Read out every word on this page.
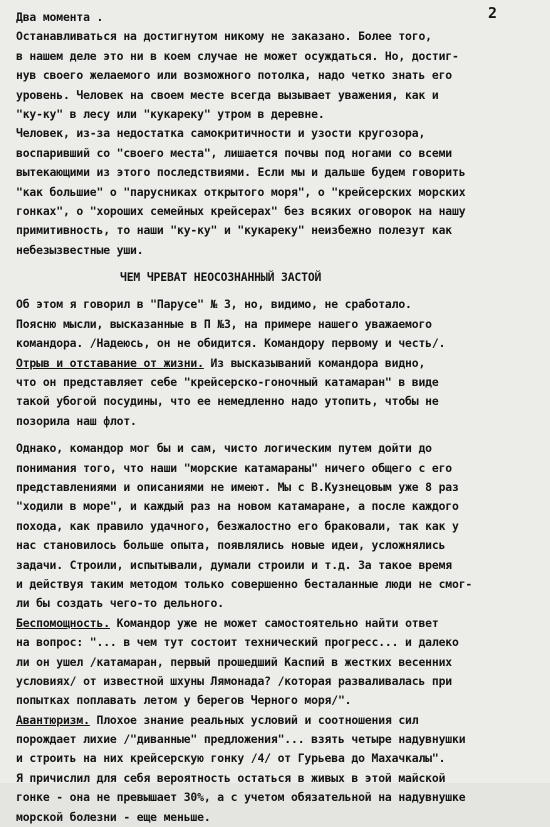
2
Два момента .
Останавливаться на достигнутом никому не заказано. Более того,
в нашем деле это ни в коем случае не может осуждаться. Но, достиг-
нув своего желаемого или возможного потолка, надо четко знать его
уровень. Человек на своем месте всегда вызывает уважения, как и
"ку-ку" в лесу или "кукареку" утром в деревне.
Человек, из-за недостатка самокритичности и узости кругозора,
воспаривший со "своего места", лишается почвы под ногами со всеми
вытекающими из этого последствиями. Если мы и дальше будем говорить
"как большие" о "парусниках открытого моря", о "крейсерских морских
гонках", о "хороших семейных крейсерах" без всяких оговорок на нашу
примитивность, то наши "ку-ку" и "кукареку" неизбежно полезут как
небезызвестные уши.
ЧЕМ ЧРЕВАТ НЕОСОЗНАННЫЙ ЗАСТОЙ
Об этом я говорил в "Парусе" № 3, но, видимо, не сработало.
Поясню мысли, высказанные в П №3, на примере нашего уважаемого
командора. /Надеюсь, он не обидится. Командору первому и честь/.
Отрыв и отставание от жизни. Из высказываний командора видно,
что он представляет себе "крейсерско-гоночный катамаран" в виде
такой убогой посудины, что ее немедленно надо утопить, чтобы не
позорила наш флот.
Однако, командор мог бы и сам, чисто логическим путем дойти до
понимания того, что наши "морские катамараны" ничего общего с его
представлениями и описаниями не имеют. Мы с В.Кузнецовым уже 8 раз
"ходили в море", и каждый раз на новом катамаране, а после каждого
похода, как правило удачного, безжалостно его браковали, так как у
нас становилось больше опыта, появлялись новые идеи, усложнялись
задачи. Строили, испытывали, думали строили и т.д. За такое время
и действуя таким методом только совершенно бесталанные люди не смог-
ли бы создать чего-то дельного.
Беспомощность. Командор уже не может самостоятельно найти ответ
на вопрос: "... в чем тут состоит технический прогресс... и далеко
ли он ушел /катамаран, первый прошедший Каспий в жестких весенних
условиях/ от известной шхуны Лямонада? /которая разваливалась при
попытках поплавать летом у берегов Черного моря/".
Авантюризм. Плохое знание реальных условий и соотношения сил
порождает лихие /"диванные" предложения"... взять четыре надувнушки
и строить на них крейсерскую гонку /4/ от Гурьева до Махачкалы".
Я причислил для себя вероятность остаться в живых в этой майской
гонке - она не превышает 30%, а с учетом обязательной на надувнушке
морской болезни - еще меньше.
